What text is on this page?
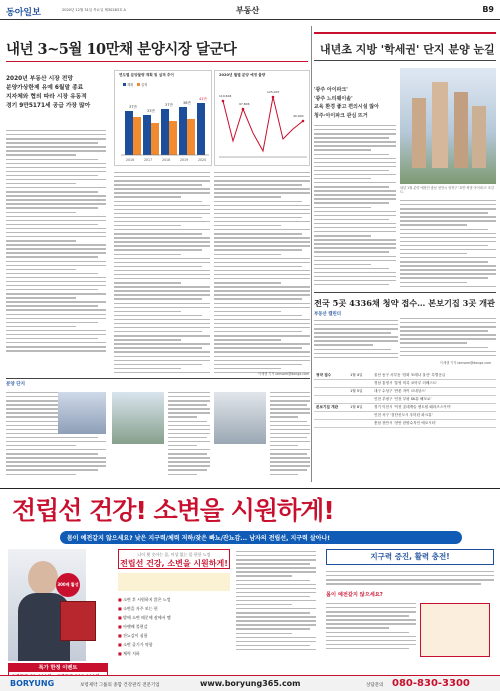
동아일보	2020년 12월 31일 목요일 제30283호 A	부동산	B9
내년 3~5월 10만채 분양시장 달군다
2020년 부동산 시장 전망
분양가상한제 유예 6월말 종료
지자체와 협의 따라 시장 유동적
경기 9만5171세 공급 가장 많아
연도별 분양물량 계획 및 실적 추이
37만
33만
37만	38만
41만
2016	2017	2018	2019	2020
계획 실적
2020년 월별 분양 예정 물량
119,604
97,806
125,007
40,000
이새샘 기자 iamsam@donga.com
분양 단지
내년초 지방 '학세권' 단지 분양 눈길
'광주 아이파크'
'광주 느티웨이솔'
교육 환경 좋고 편의시설 많아
청주·아이파크 관심 뜨거
내년 1월 분양 예정인 충남 천안시 성북구 '호반 써밋 아이파크' 조감도.
전국 5곳 4336채 청약 접수… 본보기집 3곳 개관
부동산 캘린더
이새샘 기자 iamsam@donga.com
청약 접수	1월 4일	울산 동구 서부동 '한화 포레나 울산' 특별공급
		경남 통영시 '통영 미륵 코아루 더베스트'
	1월 5일	대구 수성구 '만촌 자이 르네상스'
		인천 부평구 '인천 부평 SK뷰 해모로'
본보기집 개관	1월 8일	경기 이천시 '이천 롯데캐슬 센트럴 페라즈스카이'
		인천 서구 '검단신도시 우미린 파크뷰'
		충남 천안시 '천안 한양수자인 에코시티'
전립선 건강! 소변을 시원하게!
몸이 예전같지 않으세요? 낮은 지구력/체력 저하/잦은 빠뇨/잔뇨감... 남자의 전립선, 지구력 살아나!
300배 활성
특가 한정 이벤트
나이 뭣 솟아는 몸, 이상 없는 몸 편한 느낌
전립선 건강, 소변을 시원하게!
■ 소변 후 시원하지 않은 느낌
■ 소변을 자주 보는 편
■ 밤에 소변 때문에 잠에서 깸
■ 아랫배 불편감
■ 잔뇨감이 심함
■ 소변 줄기가 약함
■ 체력 저하
지구력 증진, 활력 충전!
몸이 예전같지 않으세요?
BORYUNG	보령제약 그룹의 종합 건강관리 전문기업	www.boryung365.com	상담문의 080-830-3300
